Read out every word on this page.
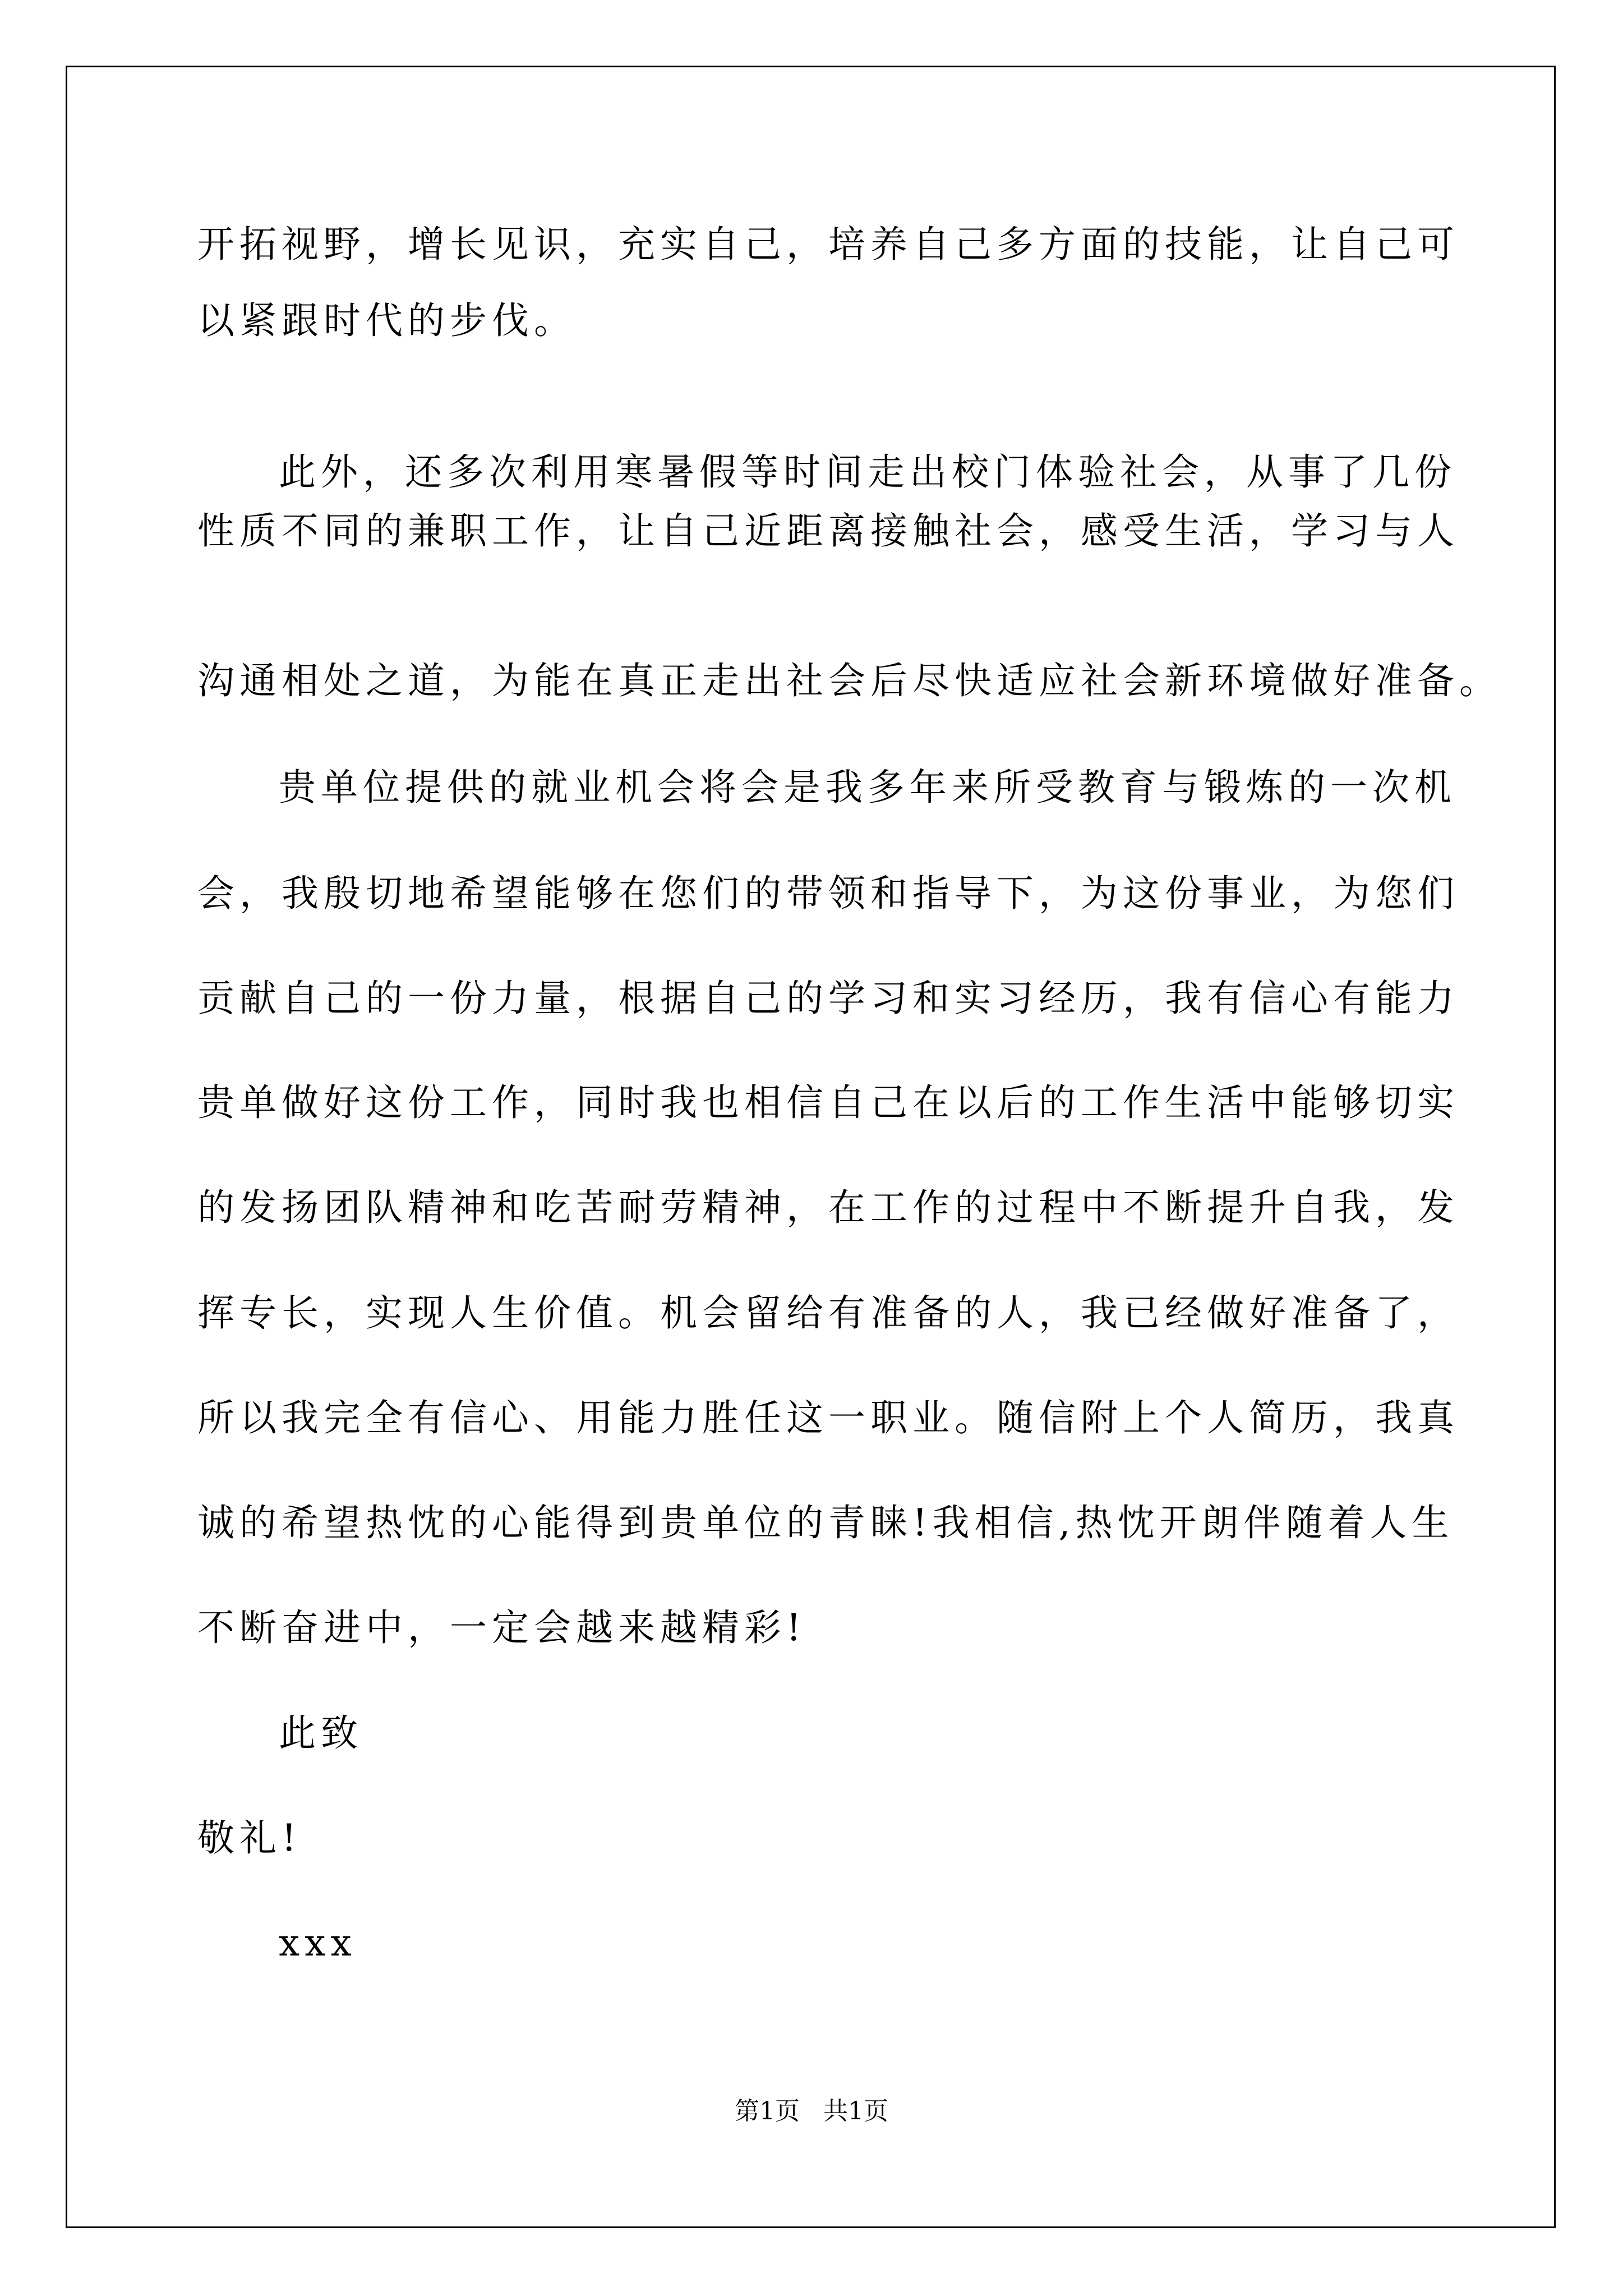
开拓视野，增长见识，充实自己，培养自己多方面的技能，让自己可
以紧跟时代的步伐。
此外，还多次利用寒暑假等时间走出校门体验社会，从事了几份
性质不同的兼职工作，让自己近距离接触社会，感受生活，学习与人
沟通相处之道，为能在真正走出社会后尽快适应社会新环境做好准备。
贵单位提供的就业机会将会是我多年来所受教育与锻炼的一次机
会，我殷切地希望能够在您们的带领和指导下，为这份事业，为您们
贡献自己的一份力量，根据自己的学习和实习经历，我有信心有能力
贵单做好这份工作，同时我也相信自己在以后的工作生活中能够切实
的发扬团队精神和吃苦耐劳精神，在工作的过程中不断提升自我，发
挥专长，实现人生价值。机会留给有准备的人，我已经做好准备了，
所以我完全有信心、用能力胜任这一职业。随信附上个人简历，我真
诚的希望热忱的心能得到贵单位的青睐!我相信,热忱开朗伴随着人生
不断奋进中，一定会越来越精彩!
此致
敬礼!
xxx
第1页   共1页
